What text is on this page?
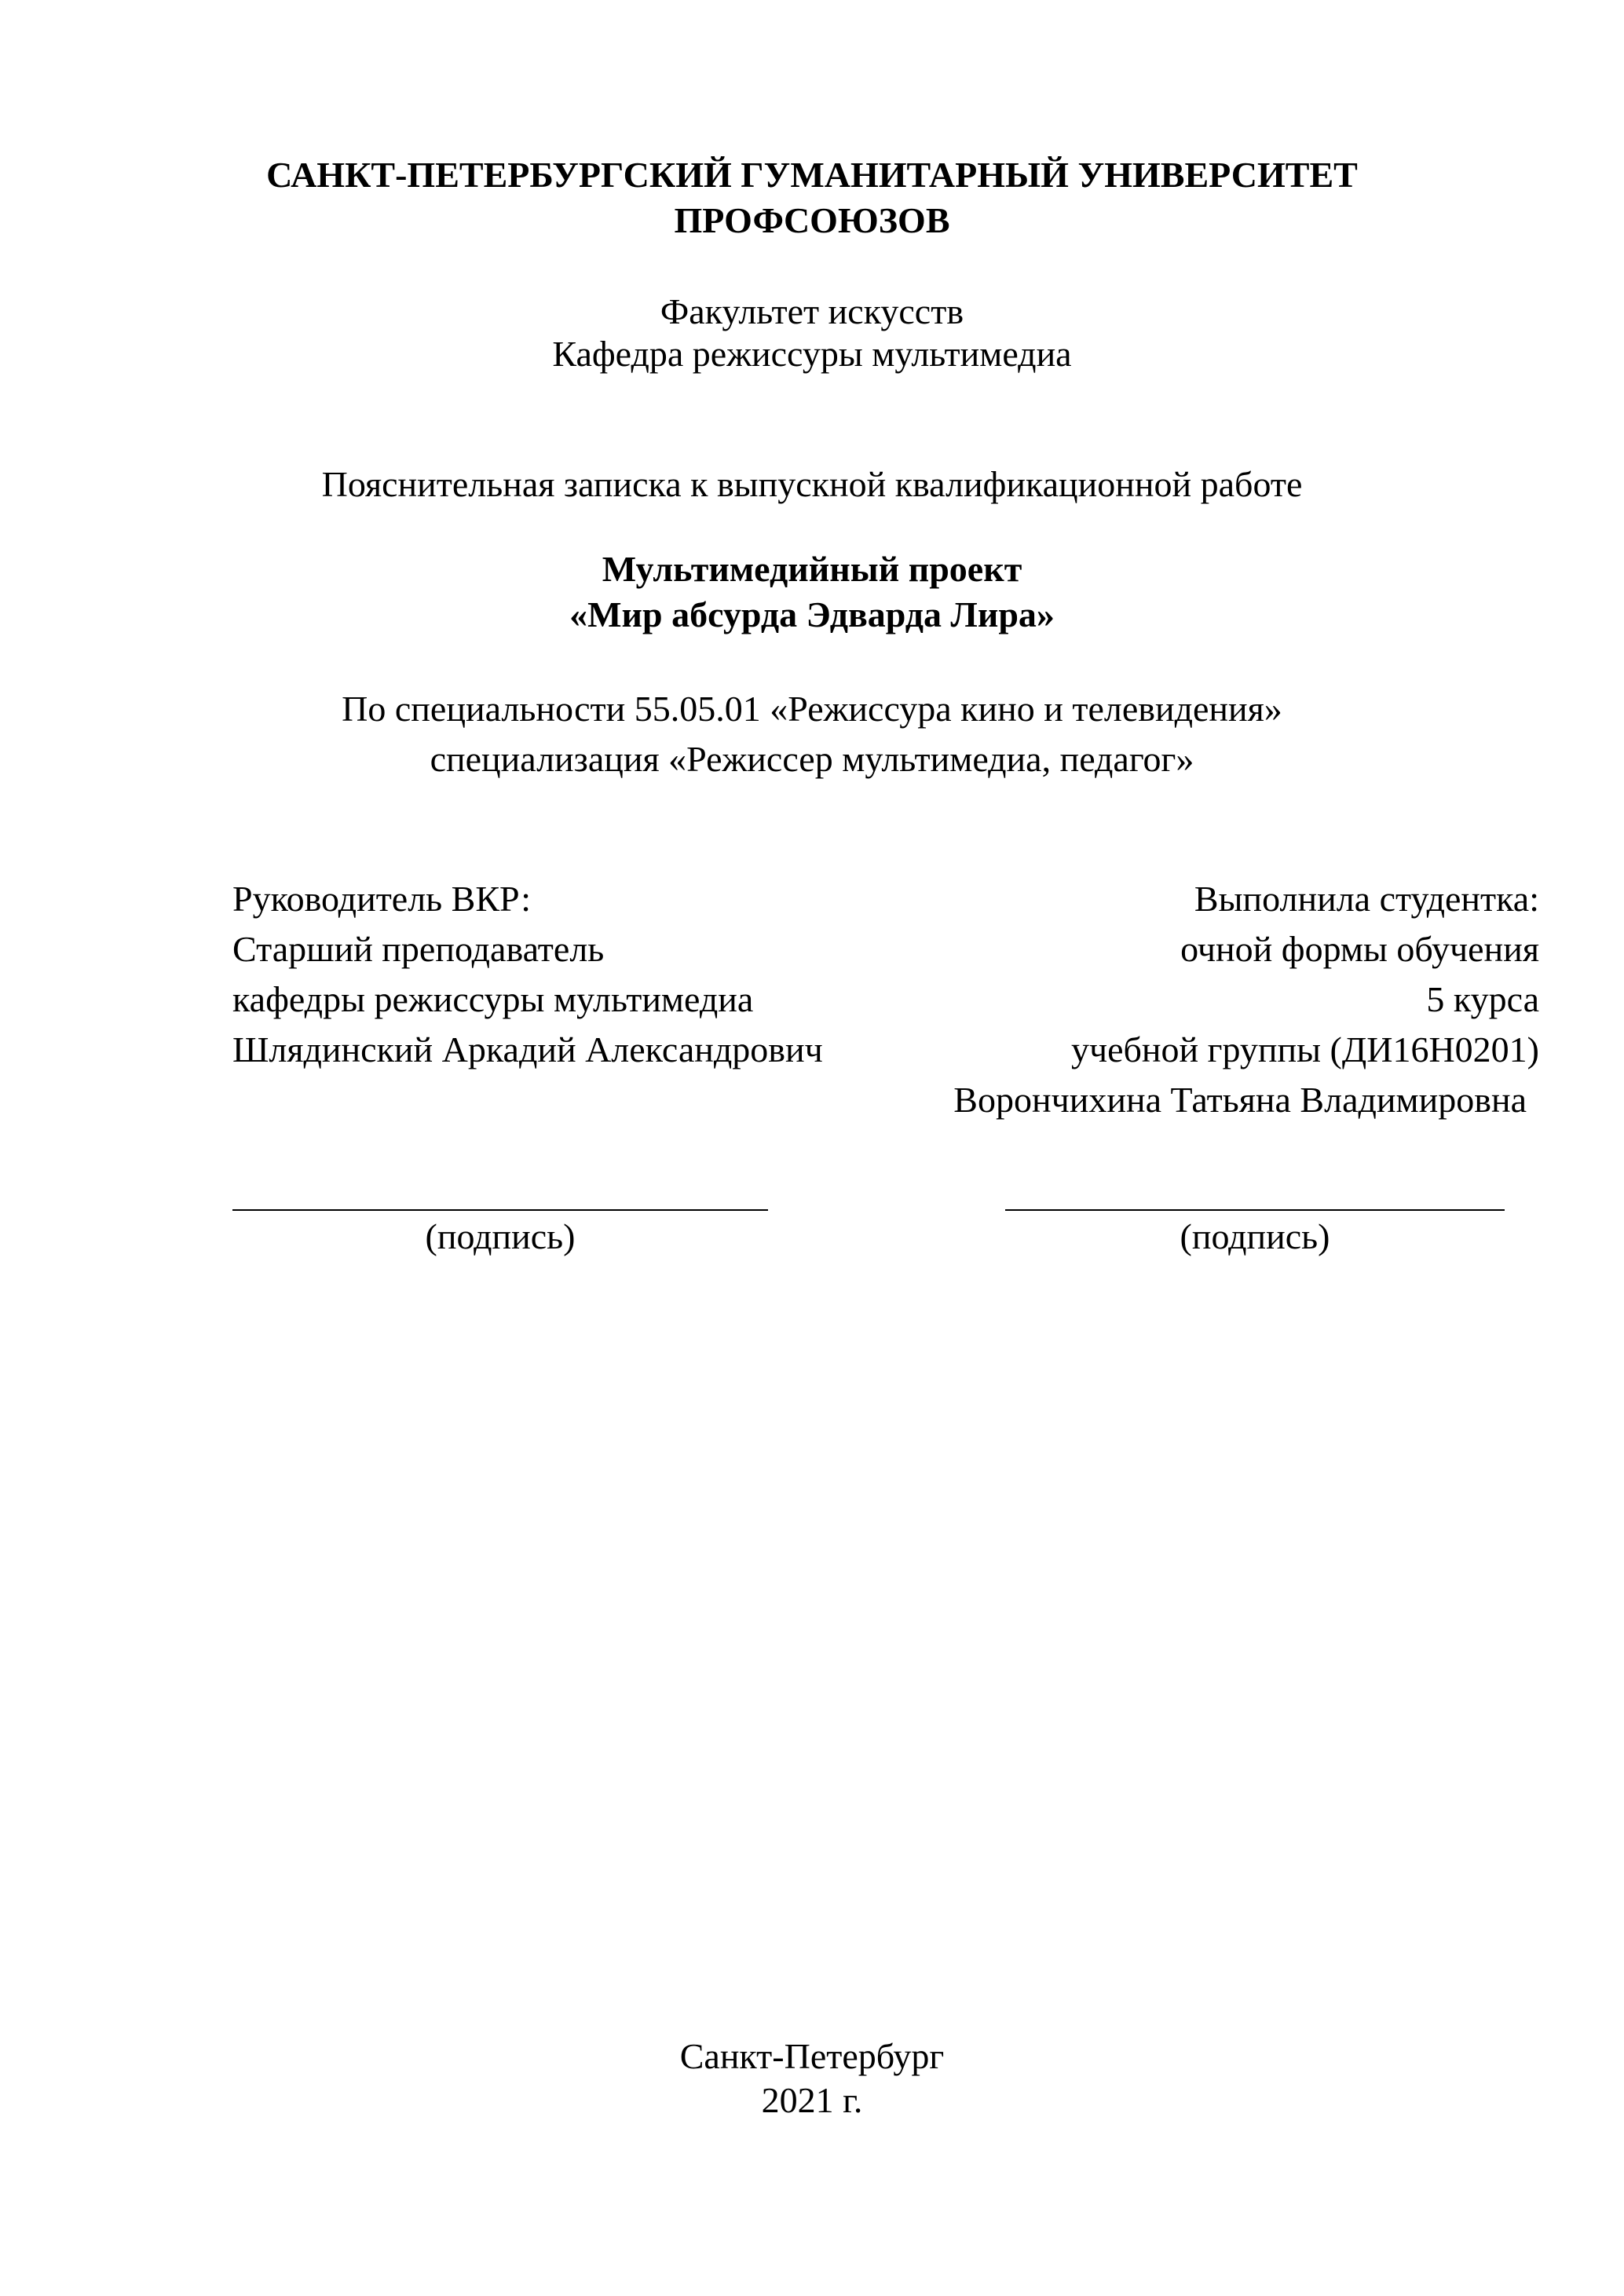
САНКТ-ПЕТЕРБУРГСКИЙ ГУМАНИТАРНЫЙ УНИВЕРСИТЕТ
ПРОФСОЮЗОВ
Факультет искусств
Кафедра режиссуры мультимедиа
Пояснительная записка к выпускной квалификационной работе
Мультимедийный проект
«Мир абсурда Эдварда Лира»
По специальности 55.05.01 «Режиссура кино и телевидения»
специализация «Режиссер мультимедиа, педагог»
Руководитель ВКР:
Старший преподаватель
кафедры режиссуры мультимедиа
Шлядинский Аркадий Александрович
Выполнила студентка:
очной формы обучения
5 курса
учебной группы (ДИ16Н0201)
Ворончихина Татьяна Владимировна
(подпись)	(подпись)
Санкт-Петербург
2021 г.
